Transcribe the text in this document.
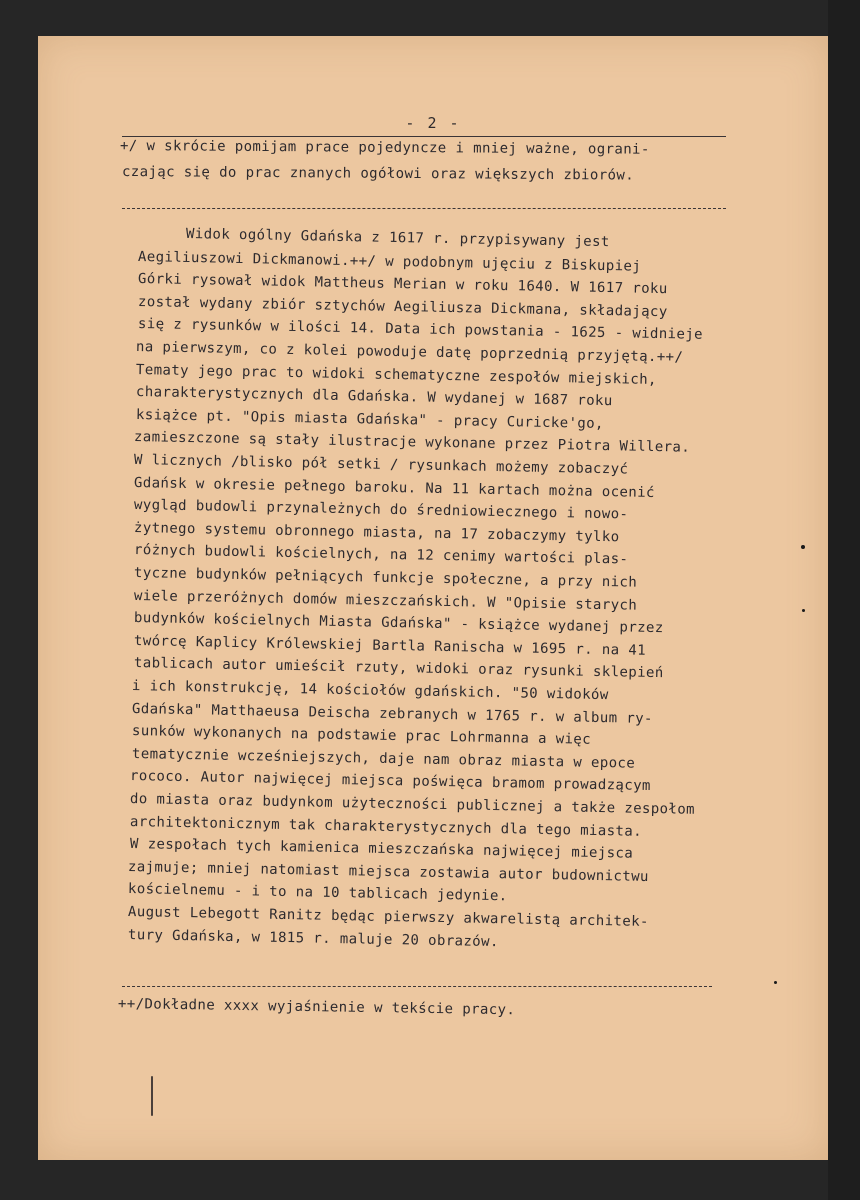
- 2 -
+/ w skrócie pomijam prace pojedyncze i mniej ważne, ograni-
czając się do prac znanych ogółowi oraz większych zbiorów.
Widok ogólny Gdańska z 1617 r. przypisywany jest
Aegiliuszowi Dickmanowi.++/ w podobnym ujęciu z Biskupiej
Górki rysował widok Mattheus Merian w roku 1640. W 1617 roku
został wydany zbiór sztychów Aegiliusza Dickmana, składający
się z rysunków w ilości 14. Data ich powstania - 1625 - widnieje
na pierwszym, co z kolei powoduje datę poprzednią przyjętą.++/
Tematy jego prac to widoki schematyczne zespołów miejskich,
charakterystycznych dla Gdańska. W wydanej w 1687 roku
książce pt. "Opis miasta Gdańska" - pracy Curicke'go,
zamieszczone są stały ilustracje wykonane przez Piotra Willera.
W licznych /blisko pół setki / rysunkach możemy zobaczyć
Gdańsk w okresie pełnego baroku. Na 11 kartach można ocenić
wygląd budowli przynależnych do średniowiecznego i nowo-
żytnego systemu obronnego miasta, na 17 zobaczymy tylko
różnych budowli kościelnych, na 12 cenimy wartości plas-
tyczne budynków pełniących funkcje społeczne, a przy nich
wiele przeróżnych domów mieszczańskich. W "Opisie starych
budynków kościelnych Miasta Gdańska" - książce wydanej przez
twórcę Kaplicy Królewskiej Bartla Ranischa w 1695 r. na 41
tablicach autor umieścił rzuty, widoki oraz rysunki sklepień
i ich konstrukcję, 14 kościołów gdańskich. "50 widoków
Gdańska" Matthaeusa Deischa zebranych w 1765 r. w album ry-
sunków wykonanych na podstawie prac Lohrmanna a więc
tematycznie wcześniejszych, daje nam obraz miasta w epoce
rococo. Autor najwięcej miejsca poświęca bramom prowadzącym
do miasta oraz budynkom użyteczności publicznej a także zespołom
architektonicznym tak charakterystycznych dla tego miasta.
W zespołach tych kamienica mieszczańska najwięcej miejsca
zajmuje; mniej natomiast miejsca zostawia autor budownictwu
kościelnemu - i to na 10 tablicach jedynie.
August Lebegott Ranitz będąc pierwszy akwarelistą architek-
tury Gdańska, w 1815 r. maluje 20 obrazów.
++/Dokładne xxxx wyjaśnienie w tekście pracy.
